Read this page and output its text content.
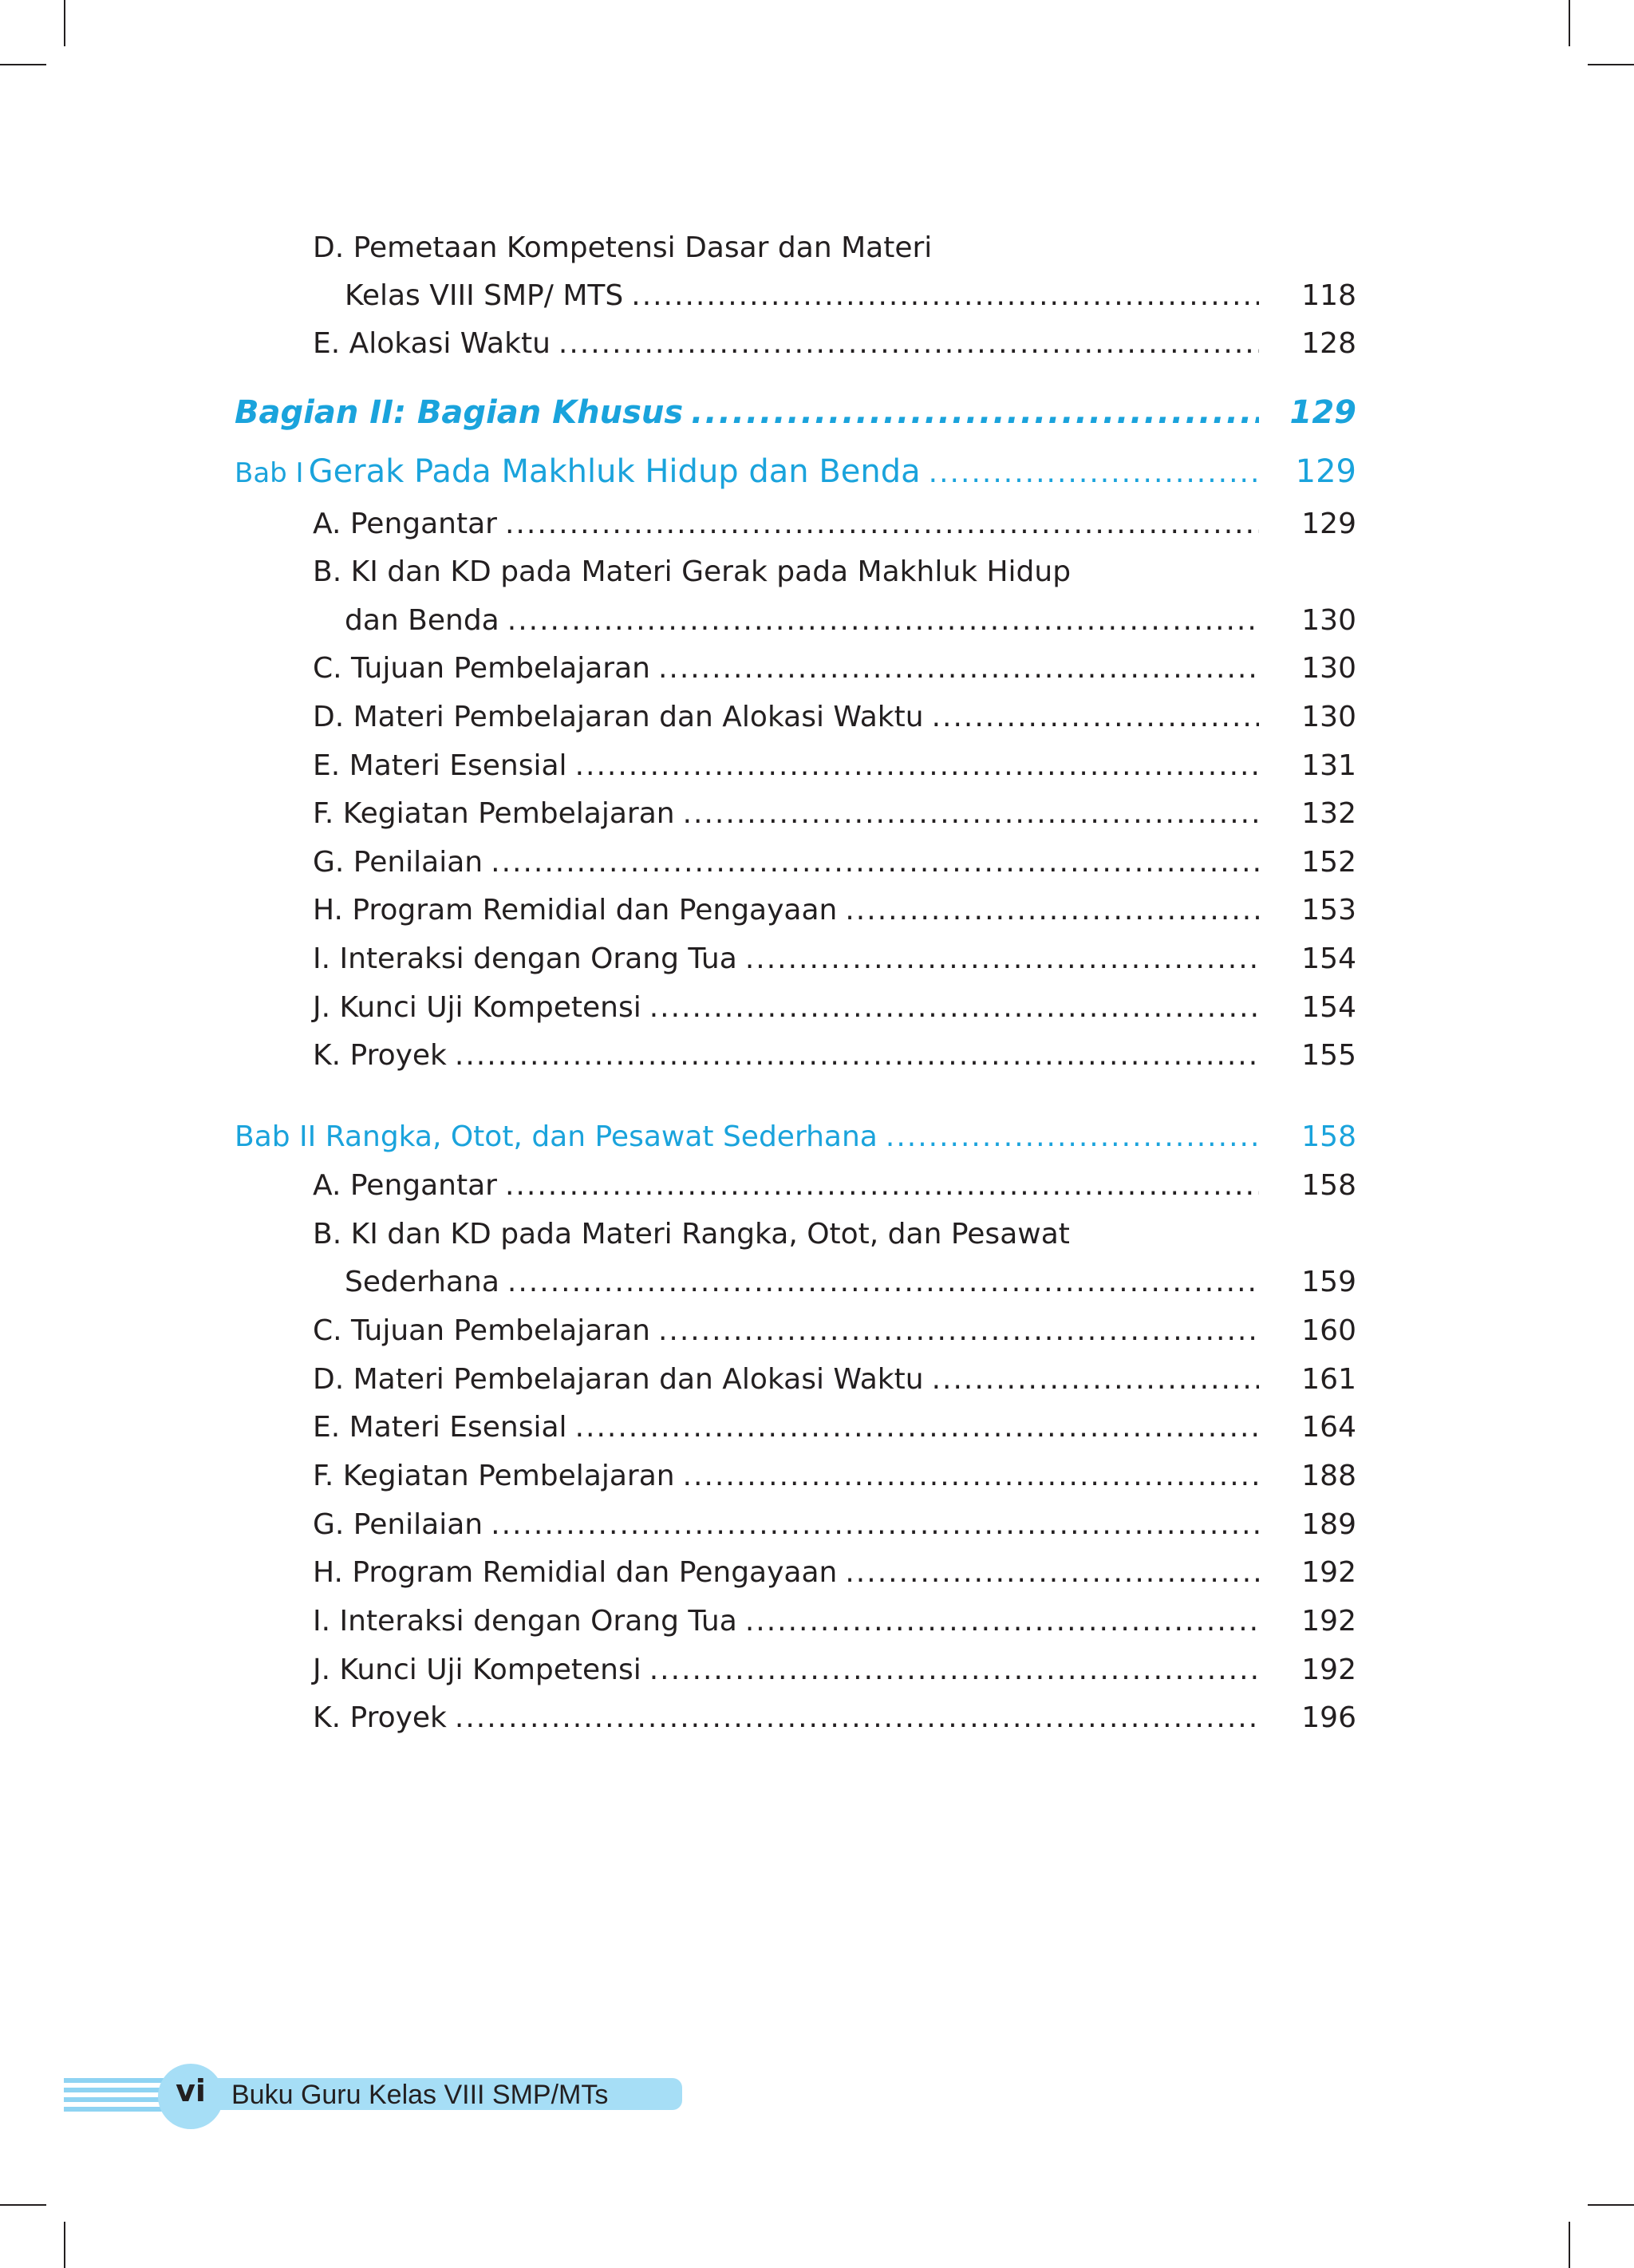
D. Pemetaan Kompetensi Dasar dan Materi
Kelas VIII SMP/ MTS .....	118
E. Alokasi Waktu .....	128
Bagian II: Bagian Khusus .....	129
Bab I Gerak Pada Makhluk Hidup dan Benda .....	129
A. Pengantar .....	129
B. KI dan KD pada Materi Gerak pada Makhluk Hidup
dan Benda .....	130
C. Tujuan Pembelajaran .....	130
D. Materi Pembelajaran dan Alokasi Waktu .....	130
E. Materi Esensial .....	131
F. Kegiatan Pembelajaran .....	132
G. Penilaian .....	152
H. Program Remidial dan Pengayaan .....	153
I. Interaksi dengan Orang Tua .....	154
J. Kunci Uji Kompetensi .....	154
K. Proyek .....	155
Bab II Rangka, Otot, dan Pesawat Sederhana .....	158
A. Pengantar .....	158
B. KI dan KD pada Materi Rangka, Otot, dan Pesawat
Sederhana .....	159
C. Tujuan Pembelajaran .....	160
D. Materi Pembelajaran dan Alokasi Waktu .....	161
E. Materi Esensial .....	164
F. Kegiatan Pembelajaran .....	188
G. Penilaian .....	189
H. Program Remidial dan Pengayaan .....	192
I. Interaksi dengan Orang Tua .....	192
J. Kunci Uji Kompetensi .....	192
K. Proyek .....	196
vi Buku Guru Kelas VIII SMP/MTs
